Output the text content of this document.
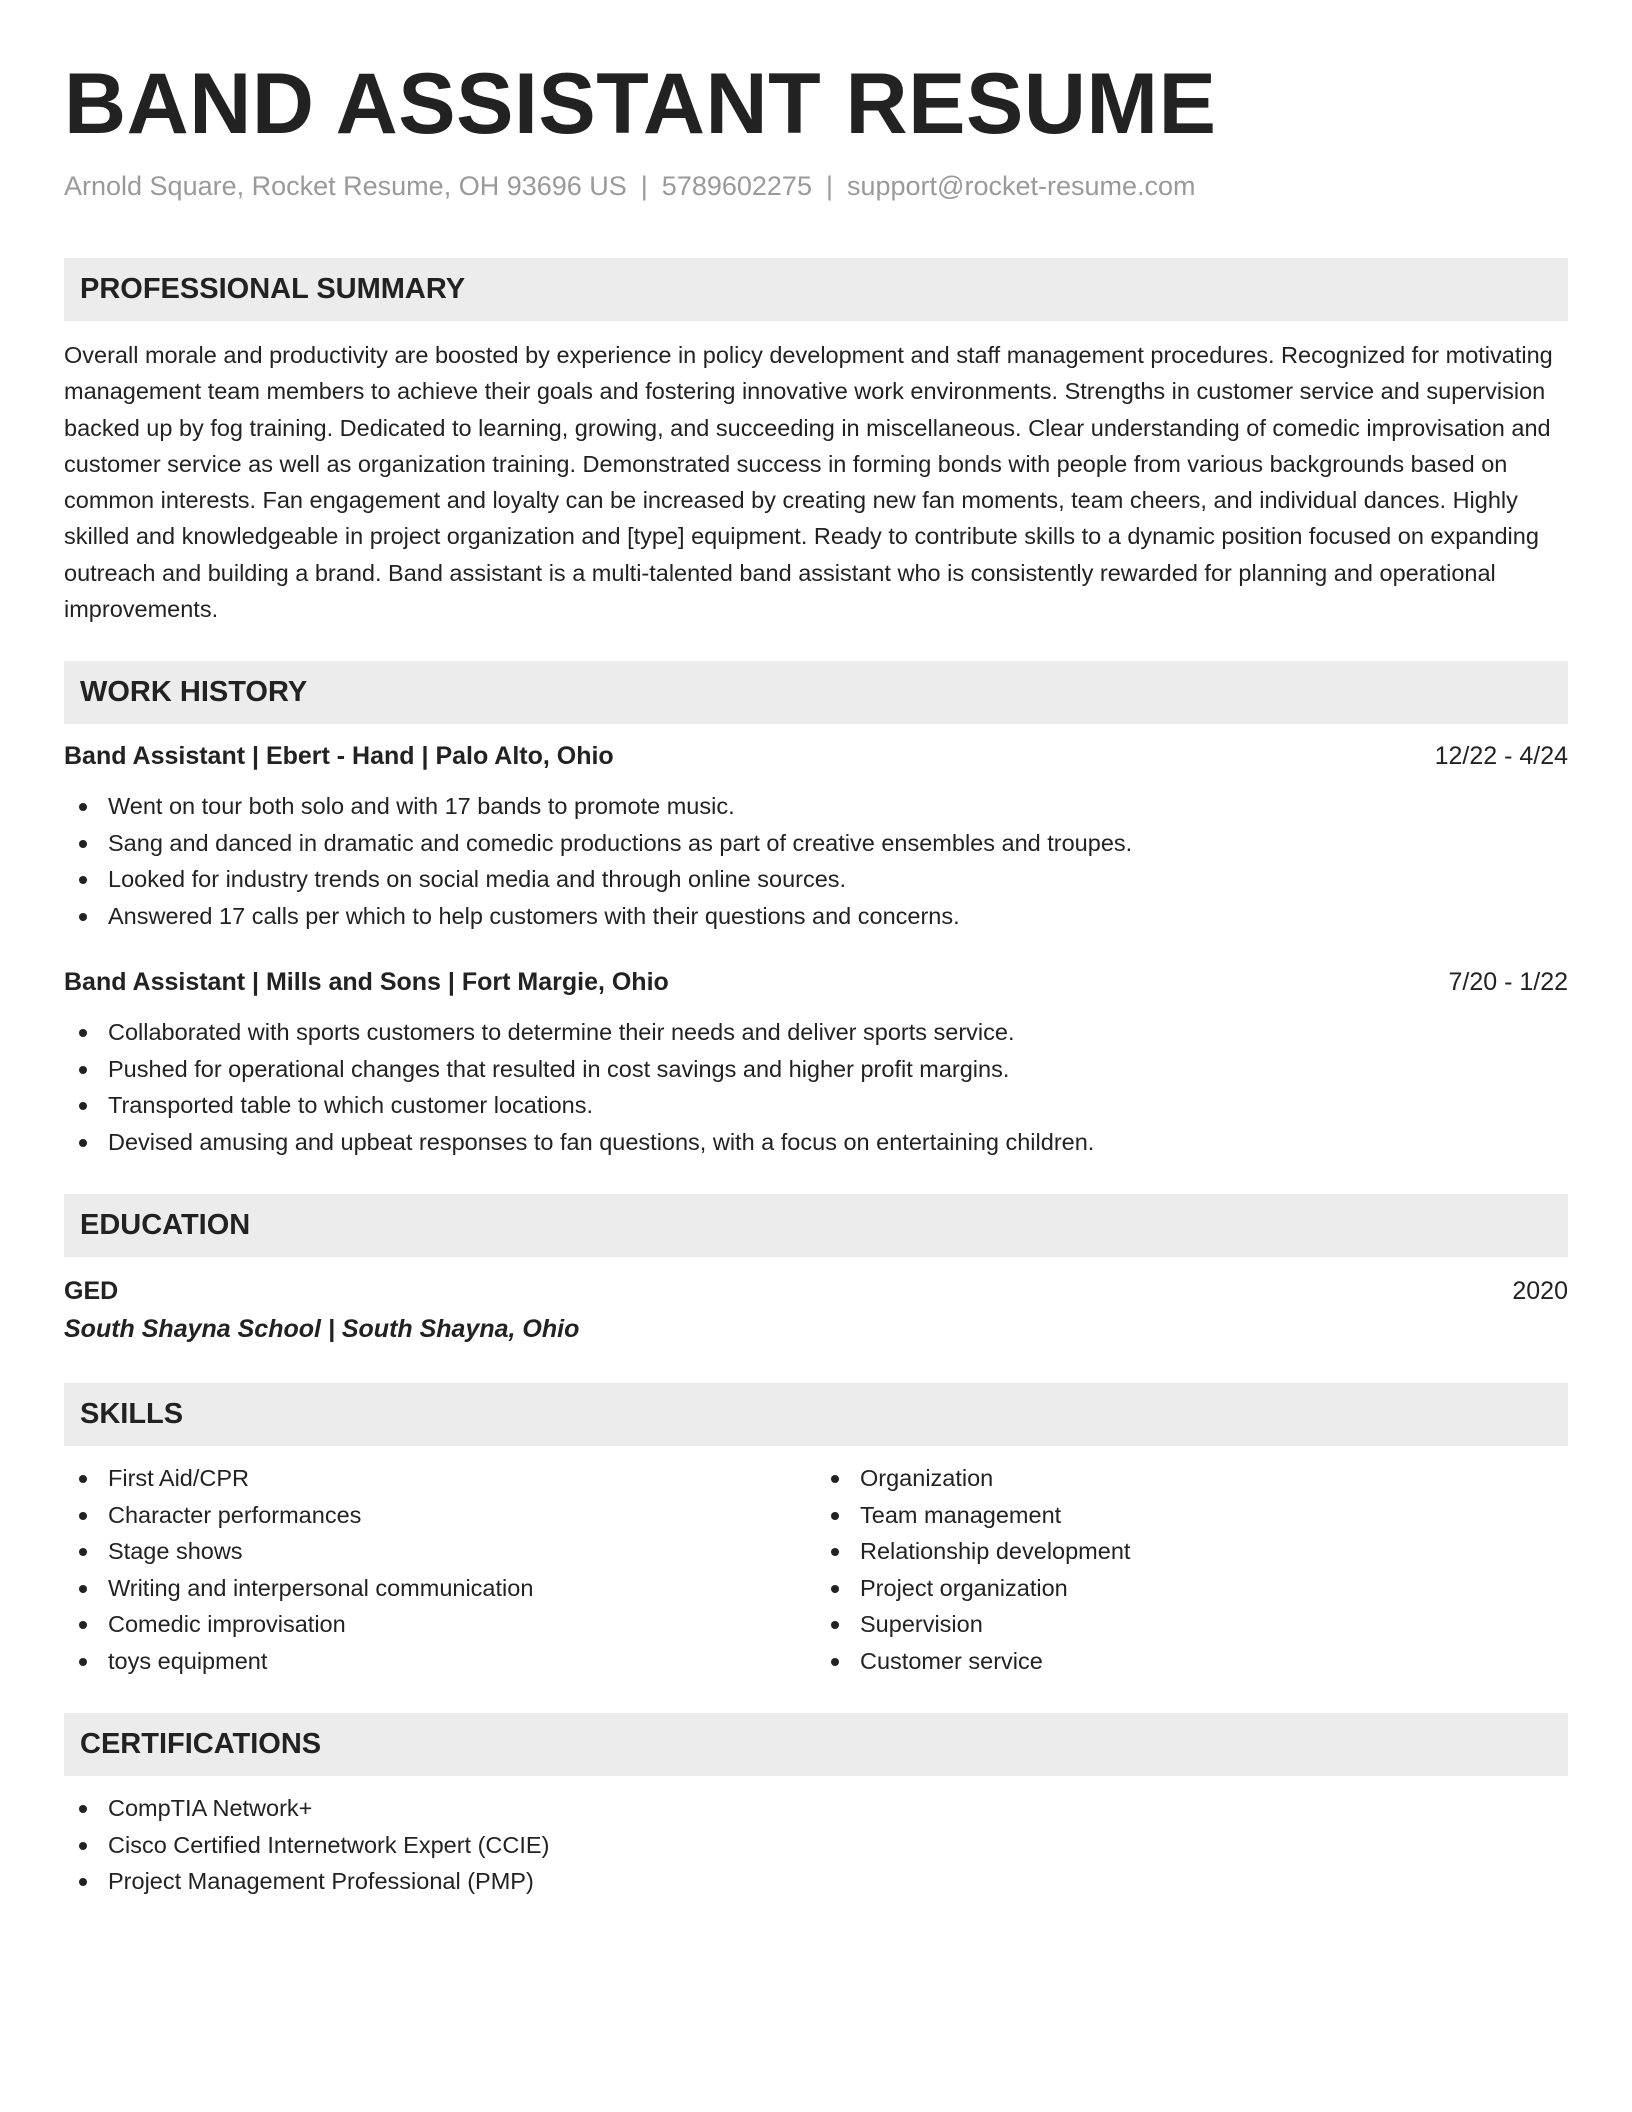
BAND ASSISTANT RESUME
Arnold Square, Rocket Resume, OH 93696 US | 5789602275 | support@rocket-resume.com
PROFESSIONAL SUMMARY

Overall morale and productivity are boosted by experience in policy development and staff management procedures. Recognized for motivating management team members to achieve their goals and fostering innovative work environments. Strengths in customer service and supervision backed up by fog training. Dedicated to learning, growing, and succeeding in miscellaneous. Clear understanding of comedic improvisation and customer service as well as organization training. Demonstrated success in forming bonds with people from various backgrounds based on common interests. Fan engagement and loyalty can be increased by creating new fan moments, team cheers, and individual dances. Highly skilled and knowledgeable in project organization and [type] equipment. Ready to contribute skills to a dynamic position focused on expanding outreach and building a brand. Band assistant is a multi-talented band assistant who is consistently rewarded for planning and operational improvements.

WORK HISTORY
Band Assistant | Ebert - Hand | Palo Alto, Ohio	12/22 - 4/24
Went on tour both solo and with 17 bands to promote music.
Sang and danced in dramatic and comedic productions as part of creative ensembles and troupes.
Looked for industry trends on social media and through online sources.
Answered 17 calls per which to help customers with their questions and concerns.
Band Assistant | Mills and Sons | Fort Margie, Ohio	7/20 - 1/22
Collaborated with sports customers to determine their needs and deliver sports service.
Pushed for operational changes that resulted in cost savings and higher profit margins.
Transported table to which customer locations.
Devised amusing and upbeat responses to fan questions, with a focus on entertaining children.
EDUCATION
GED	2020
South Shayna School | South Shayna, Ohio
SKILLS
First Aid/CPR
Character performances
Stage shows
Writing and interpersonal communication
Comedic improvisation
toys equipment
Organization
Team management
Relationship development
Project organization
Supervision
Customer service
CERTIFICATIONS
CompTIA Network+
Cisco Certified Internetwork Expert (CCIE)
Project Management Professional (PMP)
